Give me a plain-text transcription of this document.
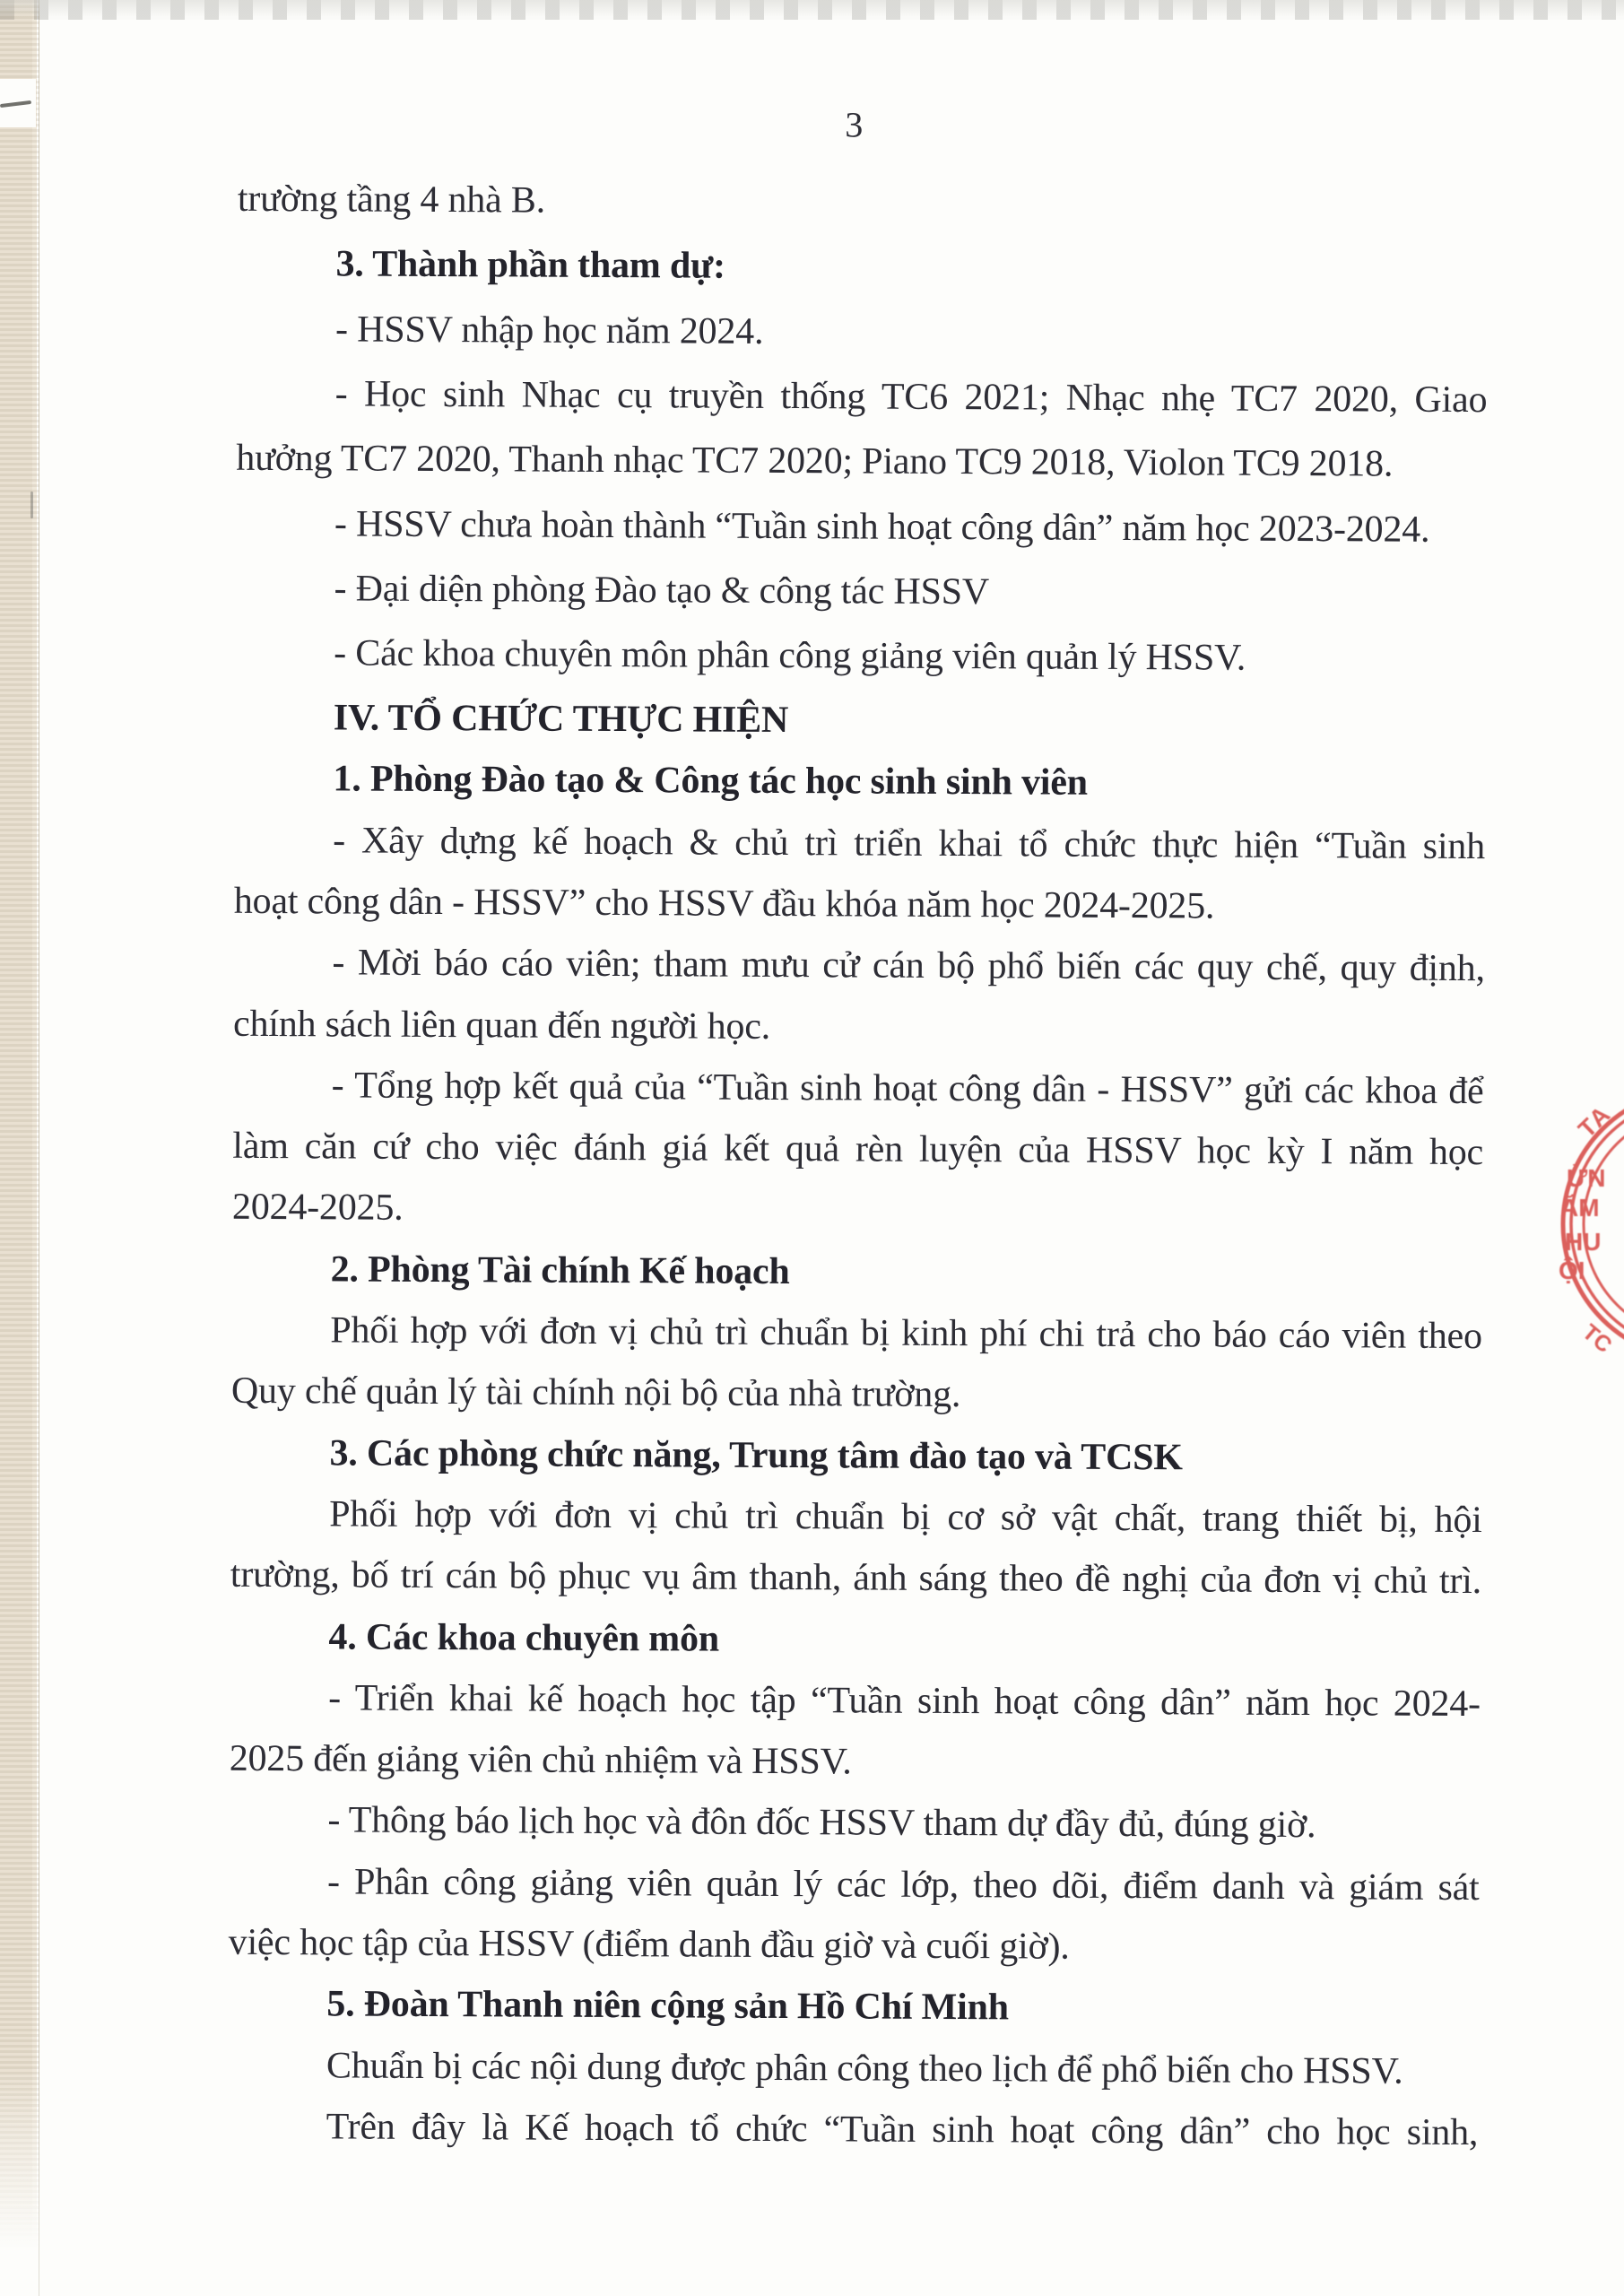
3
trường tầng 4 nhà B.
3. Thành phần tham dự:
- HSSV nhập học năm 2024.
- Học sinh Nhạc cụ truyền thống TC6 2021; Nhạc nhẹ TC7 2020, Giao
hưởng TC7 2020, Thanh nhạc TC7 2020; Piano TC9 2018, Violon TC9 2018.
- HSSV chưa hoàn thành “Tuần sinh hoạt công dân” năm học 2023-2024.
- Đại diện phòng Đào tạo & công tác HSSV
- Các khoa chuyên môn phân công giảng viên quản lý HSSV.
IV. TỔ CHỨC THỰC HIỆN
1. Phòng Đào tạo & Công tác học sinh sinh viên
- Xây dựng kế hoạch & chủ trì triển khai tổ chức thực hiện “Tuần sinh
hoạt công dân - HSSV” cho HSSV đầu khóa năm học 2024-2025.
- Mời báo cáo viên; tham mưu cử cán bộ phổ biến các quy chế, quy định,
chính sách liên quan đến người học.
- Tổng hợp kết quả của “Tuần sinh hoạt công dân - HSSV” gửi các khoa để
làm căn cứ cho việc đánh giá kết quả rèn luyện của HSSV học kỳ I năm học
2024-2025.
2. Phòng Tài chính Kế hoạch
Phối hợp với đơn vị chủ trì chuẩn bị kinh phí chi trả cho báo cáo viên theo
Quy chế quản lý tài chính nội bộ của nhà trường.
3. Các phòng chức năng, Trung tâm đào tạo và TCSK
Phối hợp với đơn vị chủ trì chuẩn bị cơ sở vật chất, trang thiết bị, hội
trường, bố trí cán bộ phục vụ âm thanh, ánh sáng theo đề nghị của đơn vị chủ trì.
4. Các khoa chuyên môn
- Triển khai kế hoạch học tập “Tuần sinh hoạt công dân” năm học 2024-
2025 đến giảng viên chủ nhiệm và HSSV.
- Thông báo lịch học và đôn đốc HSSV tham dự đầy đủ, đúng giờ.
- Phân công giảng viên quản lý các lớp, theo dõi, điểm danh và giám sát
việc học tập của HSSV (điểm danh đầu giờ và cuối giờ).
5. Đoàn Thanh niên cộng sản Hồ Chí Minh
Chuẩn bị các nội dung được phân công theo lịch để phổ biến cho HSSV.
Trên đây là Kế hoạch tổ chức “Tuần sinh hoạt công dân” cho học sinh,
TA
ỬN
ĂM
HU
ỘI
TC
